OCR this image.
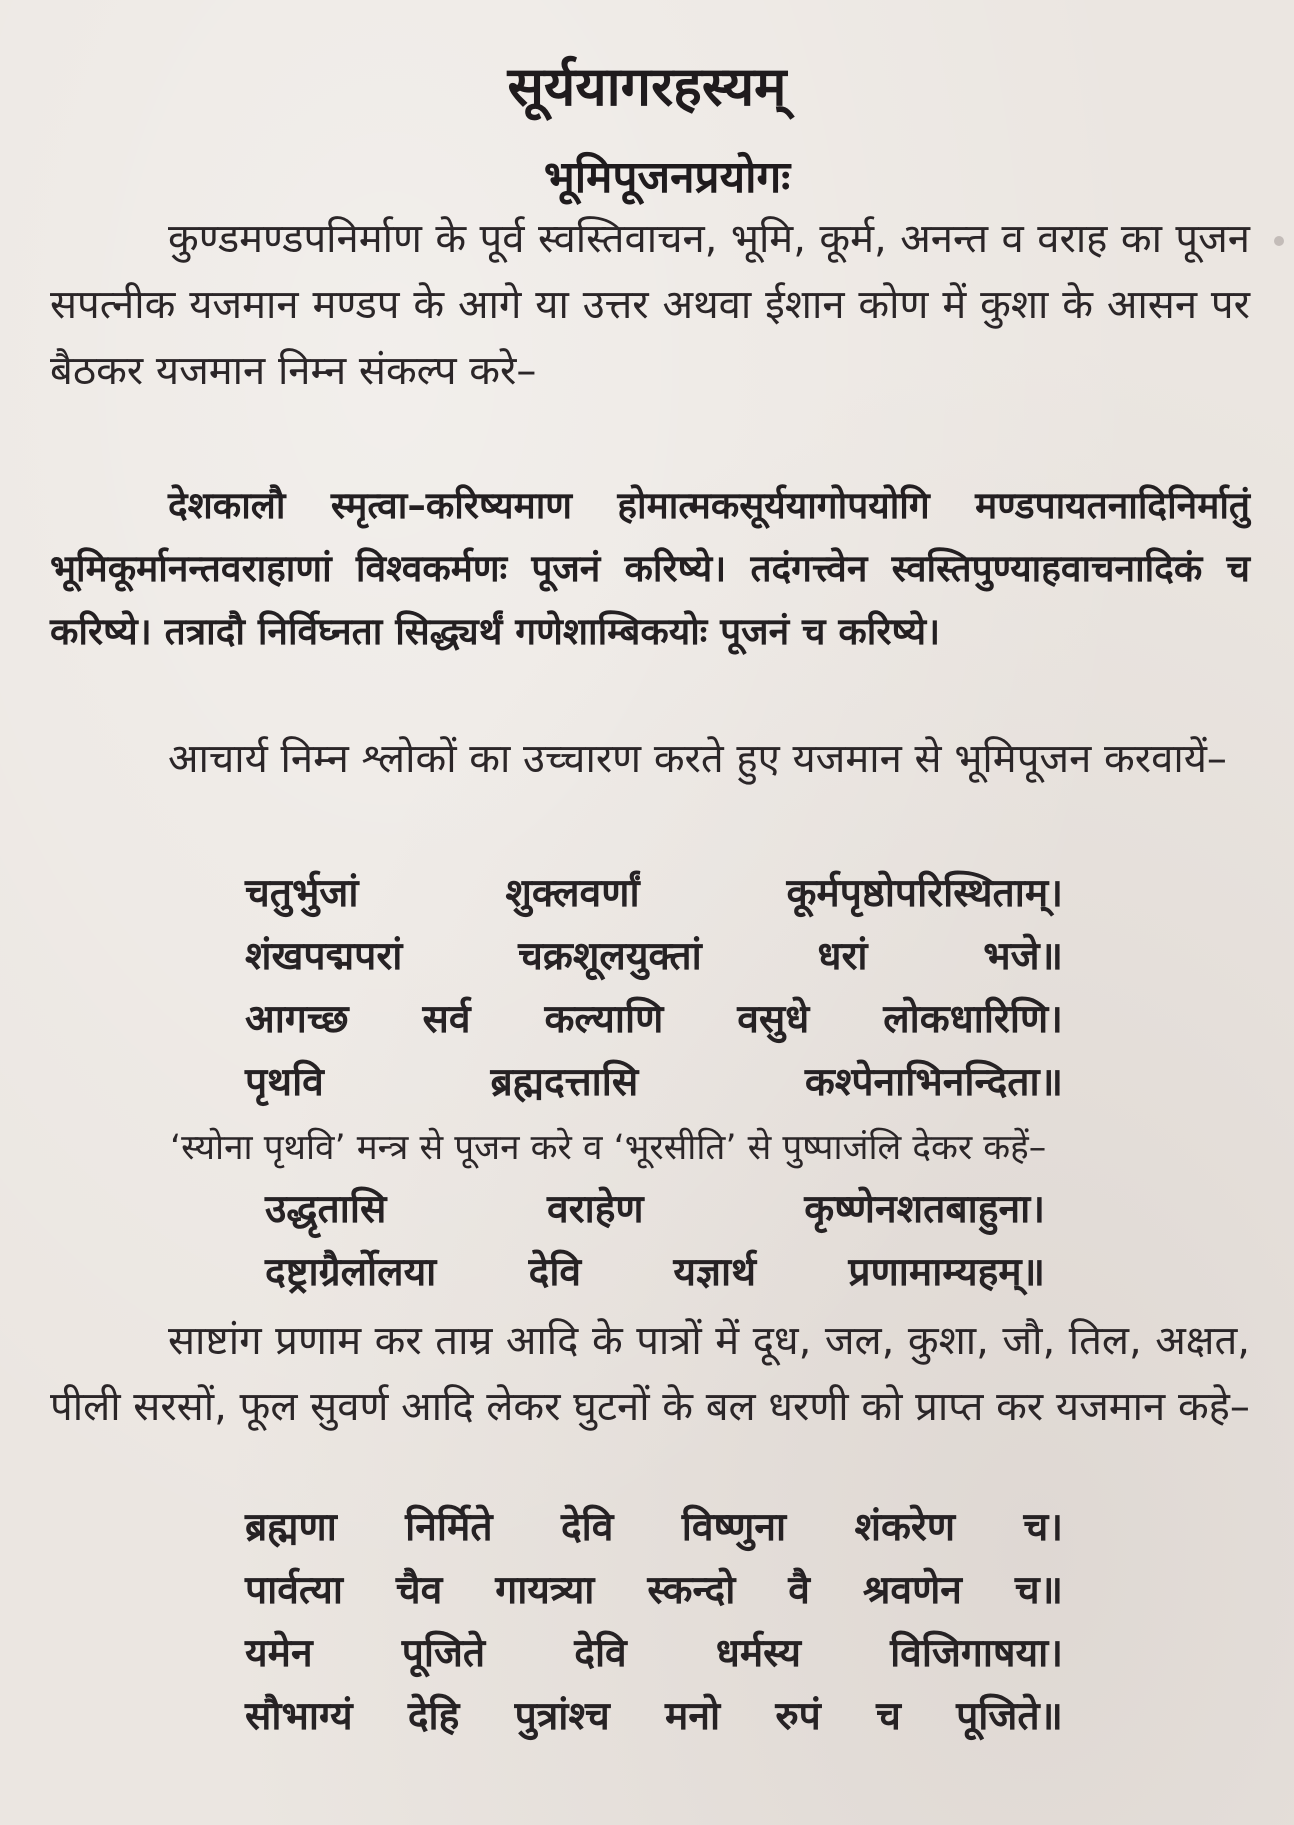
सूर्ययागरहस्यम्
भूमिपूजनप्रयोगः
कुण्डमण्डपनिर्माण के पूर्व स्वस्तिवाचन, भूमि, कूर्म, अनन्त व वराह का पूजन सपत्नीक यजमान मण्डप के आगे या उत्तर अथवा ईशान कोण में कुशा के आसन पर बैठकर यजमान निम्न संकल्प करे–
देशकालौ स्मृत्वा–करिष्यमाण होमात्मकसूर्ययागोपयोगि मण्डपायतनादिनिर्मातुं भूमिकूर्मानन्तवराहाणां विश्वकर्मणः पूजनं करिष्ये। तदंगत्त्वेन स्वस्तिपुण्याहवाचनादिकं च करिष्ये। तत्रादौ निर्विघ्नता सिद्ध्यर्थं गणेशाम्बिकयोः पूजनं च करिष्ये।
आचार्य निम्न श्लोकों का उच्चारण करते हुए यजमान से भूमिपूजन करवायें–
चतुर्भुजां	शुक्लवर्णां	कूर्मपृष्ठोपरिस्थिताम्।
शंखपद्मपरां	चक्रशूलयुक्तां	धरां	भजे॥
आगच्छ सर्व कल्याणि वसुधे लोकधारिणि।
पृथवि	ब्रह्मदत्तासि	कश्पेनाभिनन्दिता॥
‘स्योना पृथवि’ मन्त्र से पूजन करे व ‘भूरसीति’ से पुष्पाजंलि देकर कहें–
उद्धृतासि	वराहेण	कृष्णेनशतबाहुना।
दष्ट्राग्रैर्लोलया देवि यज्ञार्थ प्रणामाम्यहम्॥
साष्टांग प्रणाम कर ताम्र आदि के पात्रों में दूध, जल, कुशा, जौ, तिल, अक्षत, पीली सरसों, फूल सुवर्ण आदि लेकर घुटनों के बल धरणी को प्राप्त कर यजमान कहे–
ब्रह्मणा निर्मिते देवि विष्णुना शंकरेण च।
पार्वत्या चैव गायत्र्या स्कन्दो वै श्रवणेन च॥
यमेन पूजिते देवि धर्मस्य विजिगाषया।
सौभाग्यं देहि पुत्रांश्च मनो रुपं च पूजिते॥
